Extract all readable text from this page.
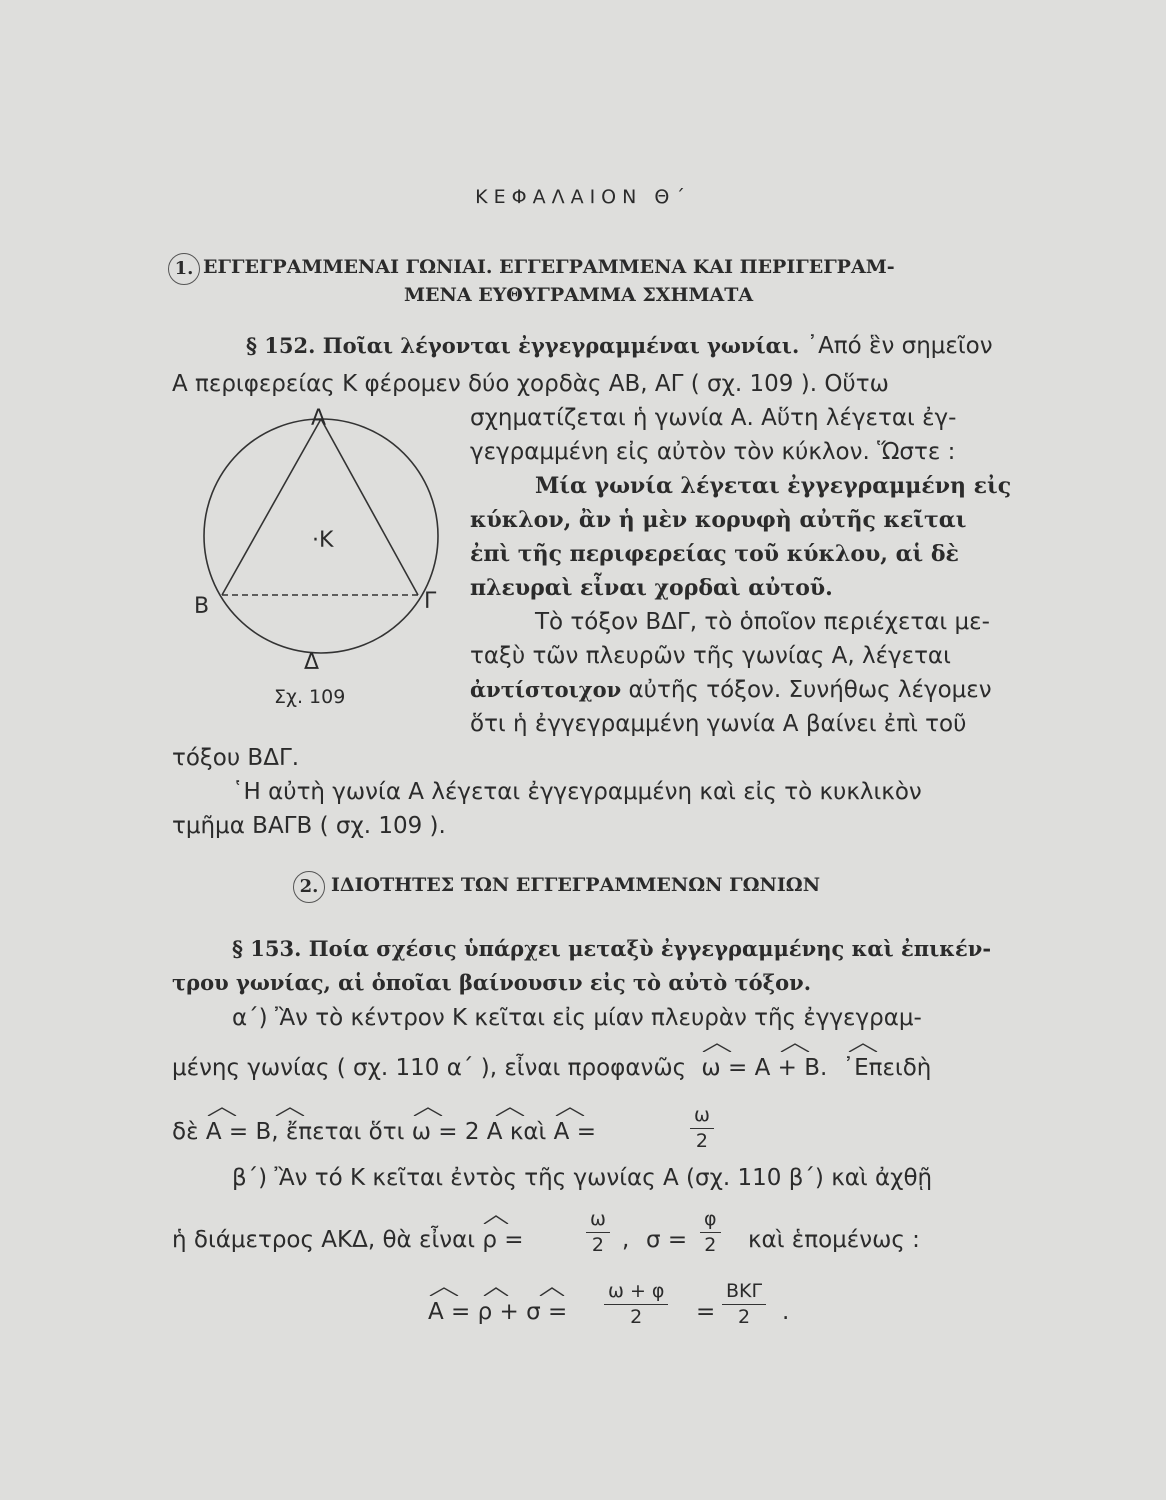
ΚΕΦΑΛΑΙΟΝ Θ΄
1. ΕΓΓΕΓΡΑΜΜΕΝΑΙ ΓΩΝΙΑΙ. ΕΓΓΕΓΡΑΜΜΕΝΑ ΚΑΙ ΠΕΡΙΓΕΓΡΑΜ-
ΜΕΝΑ ΕΥΘΥΓΡΑΜΜΑ ΣΧΗΜΑΤΑ
§ 152. Ποῖαι λέγονται ἐγγεγραμμέναι γωνίαι. ᾿Από ἓν σημεῖον
Α περιφερείας Κ φέρομεν δύο χορδὰς ΑΒ, ΑΓ ( σχ. 109 ). Οὕτω
σχηματίζεται ἡ γωνία Α. Αὕτη λέγεται ἐγ-
γεγραμμένη εἰς αὐτὸν τὸν κύκλον. Ὥστε :
Μία γωνία λέγεται ἐγγεγραμμένη εἰς
κύκλον, ἂν ἡ μὲν κορυφὴ αὐτῆς κεῖται
ἐπὶ τῆς περιφερείας τοῦ κύκλου, αἱ δὲ
πλευραὶ εἶναι χορδαὶ αὐτοῦ.
Τὸ τόξον ΒΔΓ, τὸ ὁποῖον περιέχεται με-
ταξὺ τῶν πλευρῶν τῆς γωνίας Α, λέγεται
ἀντίστοιχον αὐτῆς τόξον. Συνήθως λέγομεν
ὅτι ἡ ἐγγεγραμμένη γωνία Α βαίνει ἐπὶ τοῦ
τόξου ΒΔΓ.
῾Η αὐτὴ γωνία Α λέγεται ἐγγεγραμμένη καὶ εἰς τὸ κυκλικὸν
τμῆμα ΒΑΓΒ ( σχ. 109 ).
Α
Β	Γ
Δ
·Κ
Σχ. 109
2. ΙΔΙΟΤΗΤΕΣ ΤΩΝ ΕΓΓΕΓΡΑΜΜΕΝΩΝ ΓΩΝΙΩΝ
§ 153. Ποία σχέσις ὑπάρχει μεταξὺ ἐγγεγραμμένης καὶ ἐπικέν-
τρου γωνίας, αἱ ὁποῖαι βαίνουσιν εἰς τὸ αὐτὸ τόξον.
α΄) Ἂν τὸ κέντρον Κ κεῖται εἰς μίαν πλευρὰν τῆς ἐγγεγραμ-
μένης γωνίας ( σχ. 110 α΄ ), εἶναι προφανῶς ω = Α + Β. ᾿Επειδὴ
δὲ Α = Β, ἔπεται ὅτι ω = 2 Α καὶ Α =	$\frac{\omega}{2}$
β΄) Ἂν τό Κ κεῖται ἐντὸς τῆς γωνίας Α (σχ. 110 β΄) καὶ ἀχθῇ
ἡ διάμετρος ΑΚΔ, θὰ εἶναι ρ =	$\frac{\omega}{2}$ , $\sigma = \frac{\varphi}{2}$ καὶ ἑπομένως :
$A = \rho + \sigma = \frac{\omega + \varphi}{2}$ =
ΒΚΓ
2	.
